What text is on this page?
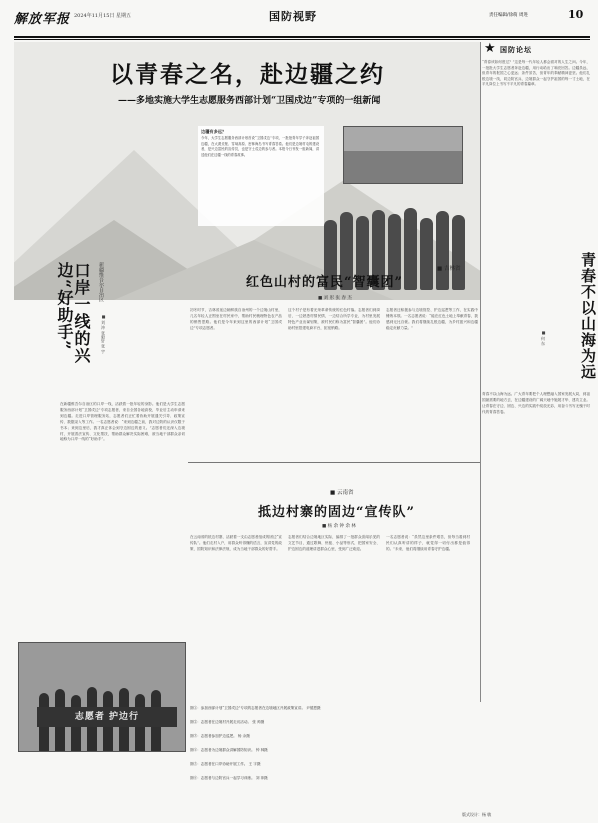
解放军报 2024年11月15日 星期五	国防视野	责任编辑/徐萌 周进	10
以青春之名，赴边疆之约
——多地实施大学生志愿服务西部计划“卫国戍边”专项的一组新闻
边疆有多远？
今年，大学生志愿服务西部计划首设“卫国戍边”专项，一批批青年学子奔赴祖国边疆，在大漠戈壁、雪域高原、密林海岛书写青春答卷。他们是边境村屯的建设者，是兴边富民的宣传员，也是守土戍边的参与者。本报今日刊发一组新闻，讲述他们在边疆一线的青春故事。
口岸一线的兴边“好助手”	新疆维吾尔自治区
■ 刘 冲 张毅轩 张 宇
在新疆维吾尔自治区的口岸一线，活跃着一批年轻的身影。他们是大学生志愿服务西部计划“卫国戍边”专项志愿者，来自全国各地高校，毕业后主动申请来到边疆。走进口岸管理服务站，志愿者们正忙着协助开展通关引导、政策宣传、数据录入等工作。一名志愿者说：“来到边疆之前，我对边防的认识仅限于书本；来到这里后，我才真正体会到守边固边的意义。”志愿者们还深入边境村，开展普法宣传、文化帮扶，帮助群众解决实际困难，被当地干部群众亲切地称为口岸一线的“好助手”。
志愿者 护边行
■ 吉林省
红色山村的富民“智囊团”
■ 刘 彤 张 春 杰
初冬时节，吉林省延边朝鲜族自治州的一个边境山村里，几名年轻人正围坐在村民家中，帮助村民梳理特色农产品的销售思路。他们是今年来到这里的西部计划“卫国戍边”专项志愿者。
这个村子是有着光荣革命传统的红色村落。志愿者们到岗后，一边熟悉村情民情，一边结合所学专业，为村里发展特色产业出谋划策，被村民们称为富民“智囊团”。他们协助村里搭建电商平台，拓宽销路。
志愿者还积极参与边境管控、护边巡逻等工作，在实践中锤炼本领。一名志愿者说：“能在红色土地上奉献青春，我感到无比自豪。我们将继续扎根边疆，为乡村振兴和边疆稳定贡献力量。”
■ 云南省
抵边村寨的固边“宣传队”
■ 杨 余 钟 余 林
在云南省的抵边村寨，活跃着一支由志愿者组成的固边“宣传队”。他们走村入户，用群众听得懂的语言，宣讲党的政策、国防知识和法律法规，成为当地干部群众的好帮手。
志愿者们结合边境地区实际，编排了一批群众喜闻乐见的文艺节目，通过歌舞、快板、小品等形式，把国家安全、护边固边的道理讲进群众心里，受到广泛欢迎。
一名志愿者说：“虽然这里条件艰苦，但每当看到村民们认真听讲的样子，就觉得一切付出都是值得的。”未来，他们将继续用青春守护边疆。
★ 国防论坛
“青春该如何度过？”这是每一代年轻人都会面对的人生之问。今年，一批批大学生志愿者奔赴边疆，用行动给出了响亮回答。边疆虽远，但青年的报国之心更远；条件虽苦，但青年的奉献精神更坚。他们扎根边境一线，同边防官兵、边境群众一起守护祖国的每一寸土地，在平凡岗位上书写不平凡的青春篇章。
青春不以山海为远
■ 何 东
青春不以山海为远。广大青年要把个人理想融入国家发展大局，到祖国最需要的地方去，在边疆建设的广阔天地中施展才华、建功立业。让青春在守边、固边、兴边的实践中绽放光彩，用奋斗书写无愧于时代的青春答卷。
图①：参加西部计划“卫国戍边”专项的志愿者在边境地区开展政策宣讲。 尹德恩摄
图②：志愿者在边境村开展走访活动。 张 帅摄
图③：志愿者参加护边巡逻。 杨 余摄
图④：志愿者为边境群众讲解国防知识。 钟 林摄
图⑤：志愿者在口岸协助开展工作。 王 宇摄
图⑥：志愿者与边防官兵一起学习训练。 刘 冲摄
版式设计：杨 敏
